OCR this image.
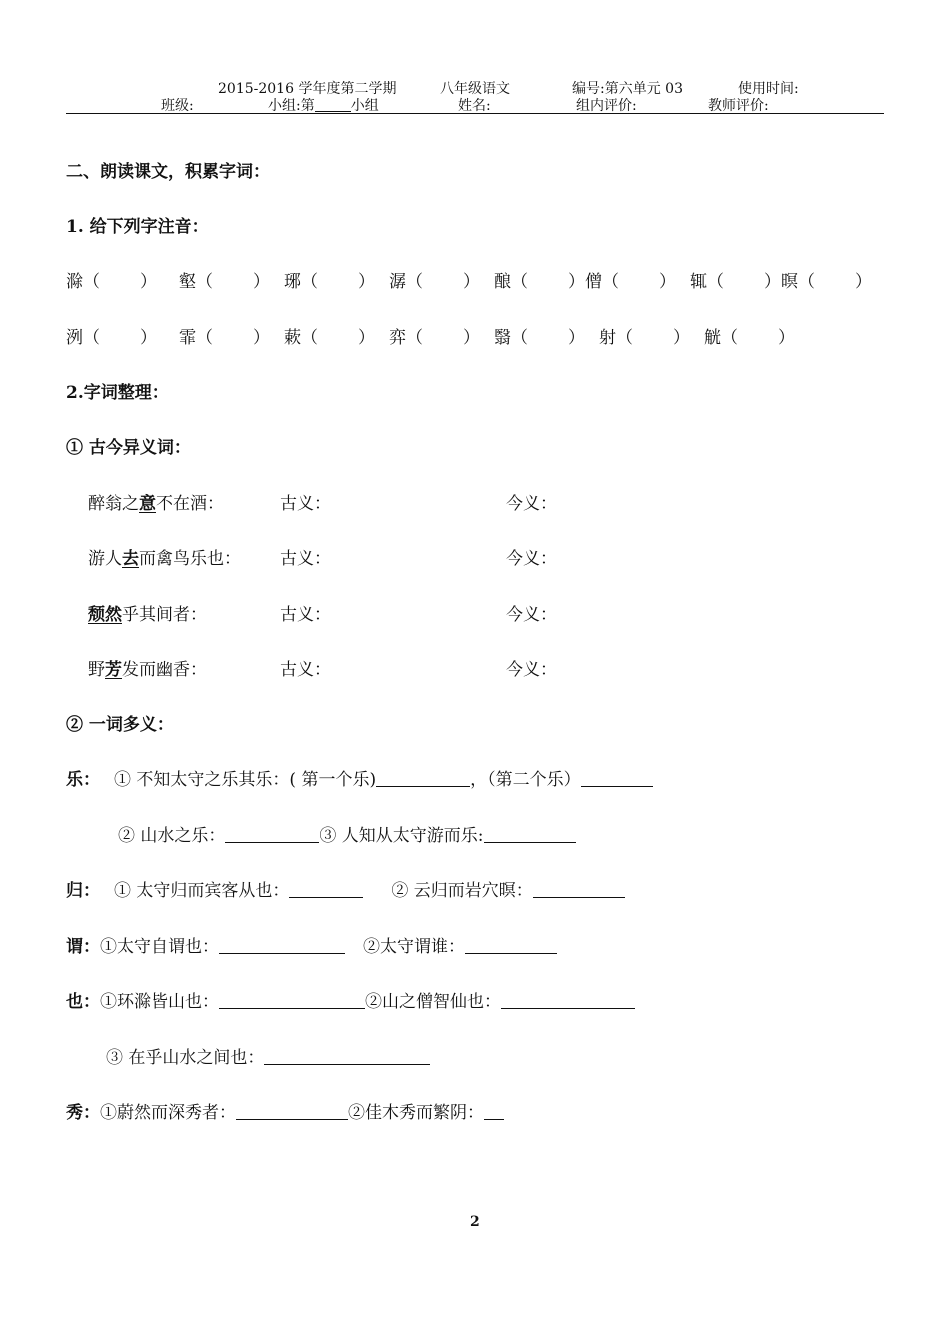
2015-2016 学年度第二学期	八年级语文	编号:第六单元 03	使用时间:
班级:	小组:第	小组	姓名:	组内评价:	教师评价:
二、朗读课文，积累字词：
1. 给下列字注音：
滁（ ） 壑（ ） 琊（ ） 潺（ ） 酿（ ）僧（ ） 辄（ ）暝（ ）
洌（ ） 霏（ ） 蔌（ ） 弈（ ） 翳（ ） 射（ ） 觥（ ）
2.字词整理：
① 古今异义词：
醉翁之意不在酒：	古义：	今义：
游人去而禽鸟乐也： 古义：	今义：
颓然乎其间者：	古义：	今义：
野芳发而幽香：	古义：	今义：
② 一词多义：
乐： ① 不知太守之乐其乐：( 第一个乐)	，（第二个乐）
② 山水之乐：	③ 人知从太守游而乐:
归： ① 太守归而宾客从也：	② 云归而岩穴暝：
谓：①太守自谓也：	②太守谓谁：
也：①环滁皆山也：	②山之僧智仙也：
③ 在乎山水之间也：
秀：①蔚然而深秀者：	②佳木秀而繁阴：
2
